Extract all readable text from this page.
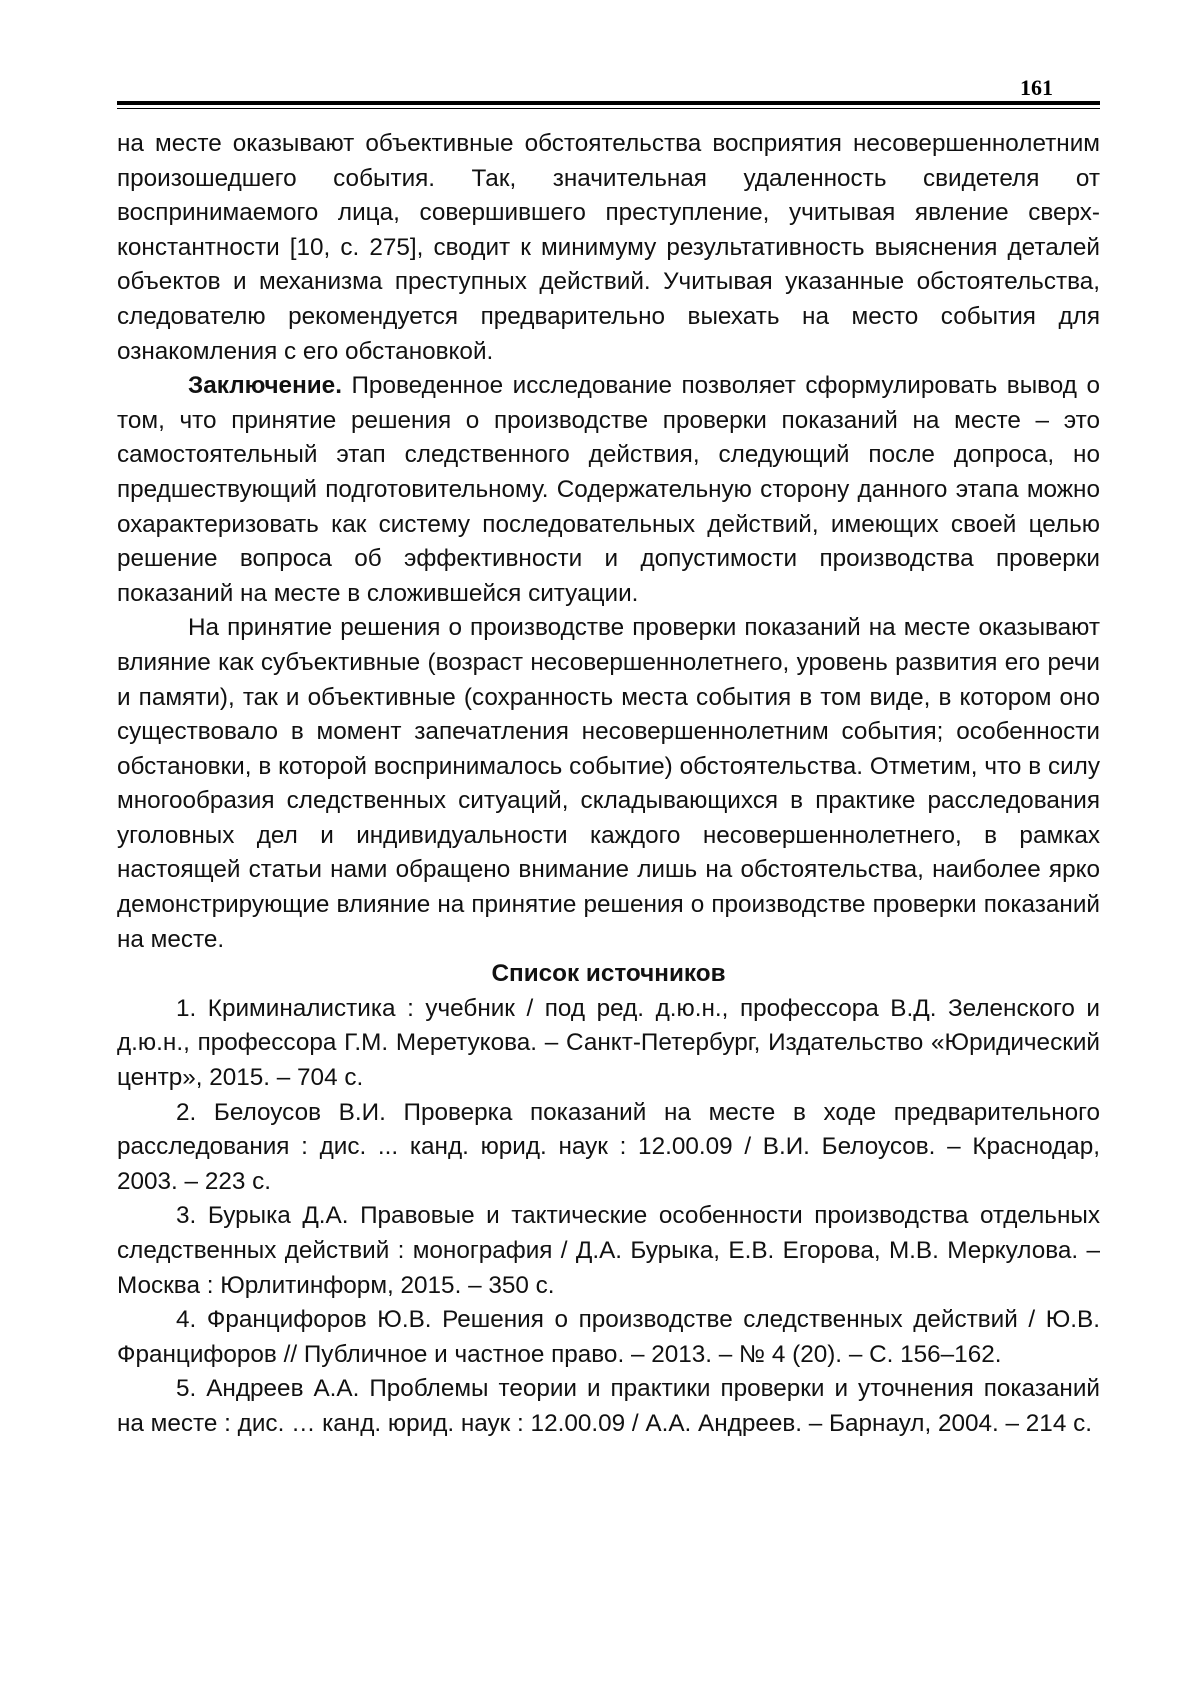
161

на месте оказывают объективные обстоятельства восприятия несовершеннолетним произошедшего события. Так, значительная удаленность свидетеля от воспринимаемого лица, совершившего преступление, учитывая явление сверхконстантности [10, с. 275], сводит к минимуму результативность выяснения деталей объектов и механизма преступных действий. Учитывая указанные обстоятельства, следователю рекомендуется предварительно выехать на место события для ознакомления с его обстановкой.

Заключение. Проведенное исследование позволяет сформулировать вывод о том, что принятие решения о производстве проверки показаний на месте – это самостоятельный этап следственного действия, следующий после допроса, но предшествующий подготовительному. Содержательную сторону данного этапа можно охарактеризовать как систему последовательных действий, имеющих своей целью решение вопроса об эффективности и допустимости производства проверки показаний на месте в сложившейся ситуации.

На принятие решения о производстве проверки показаний на месте оказывают влияние как субъективные (возраст несовершеннолетнего, уровень развития его речи и памяти), так и объективные (сохранность места события в том виде, в котором оно существовало в момент запечатления несовершеннолетним события; особенности обстановки, в которой воспринималось событие) обстоятельства. Отметим, что в силу многообразия следственных ситуаций, складывающихся в практике расследования уголовных дел и индивидуальности каждого несовершеннолетнего, в рамках настоящей статьи нами обращено внимание лишь на обстоятельства, наиболее ярко демонстрирующие влияние на принятие решения о производстве проверки показаний на месте.

Список источников

1. Криминалистика : учебник / под ред. д.ю.н., профессора В.Д. Зеленского и д.ю.н., профессора Г.М. Меретукова. – Санкт-Петербург, Издательство «Юридический центр», 2015. – 704 с.
2. Белоусов В.И. Проверка показаний на месте в ходе предварительного расследования : дис. ... канд. юрид. наук : 12.00.09 / В.И. Белоусов. – Краснодар, 2003. – 223 с.
3. Бурыка Д.А. Правовые и тактические особенности производства отдельных следственных действий : монография / Д.А. Бурыка, Е.В. Егорова, М.В. Меркулова. – Москва : Юрлитинформ, 2015. – 350 с.
4. Францифоров Ю.В. Решения о производстве следственных действий / Ю.В. Францифоров // Публичное и частное право. – 2013. – № 4 (20). – С. 156–162.
5. Андреев А.А. Проблемы теории и практики проверки и уточнения показаний на месте : дис. … канд. юрид. наук : 12.00.09 / А.А. Андреев. – Барнаул, 2004. – 214 с.
